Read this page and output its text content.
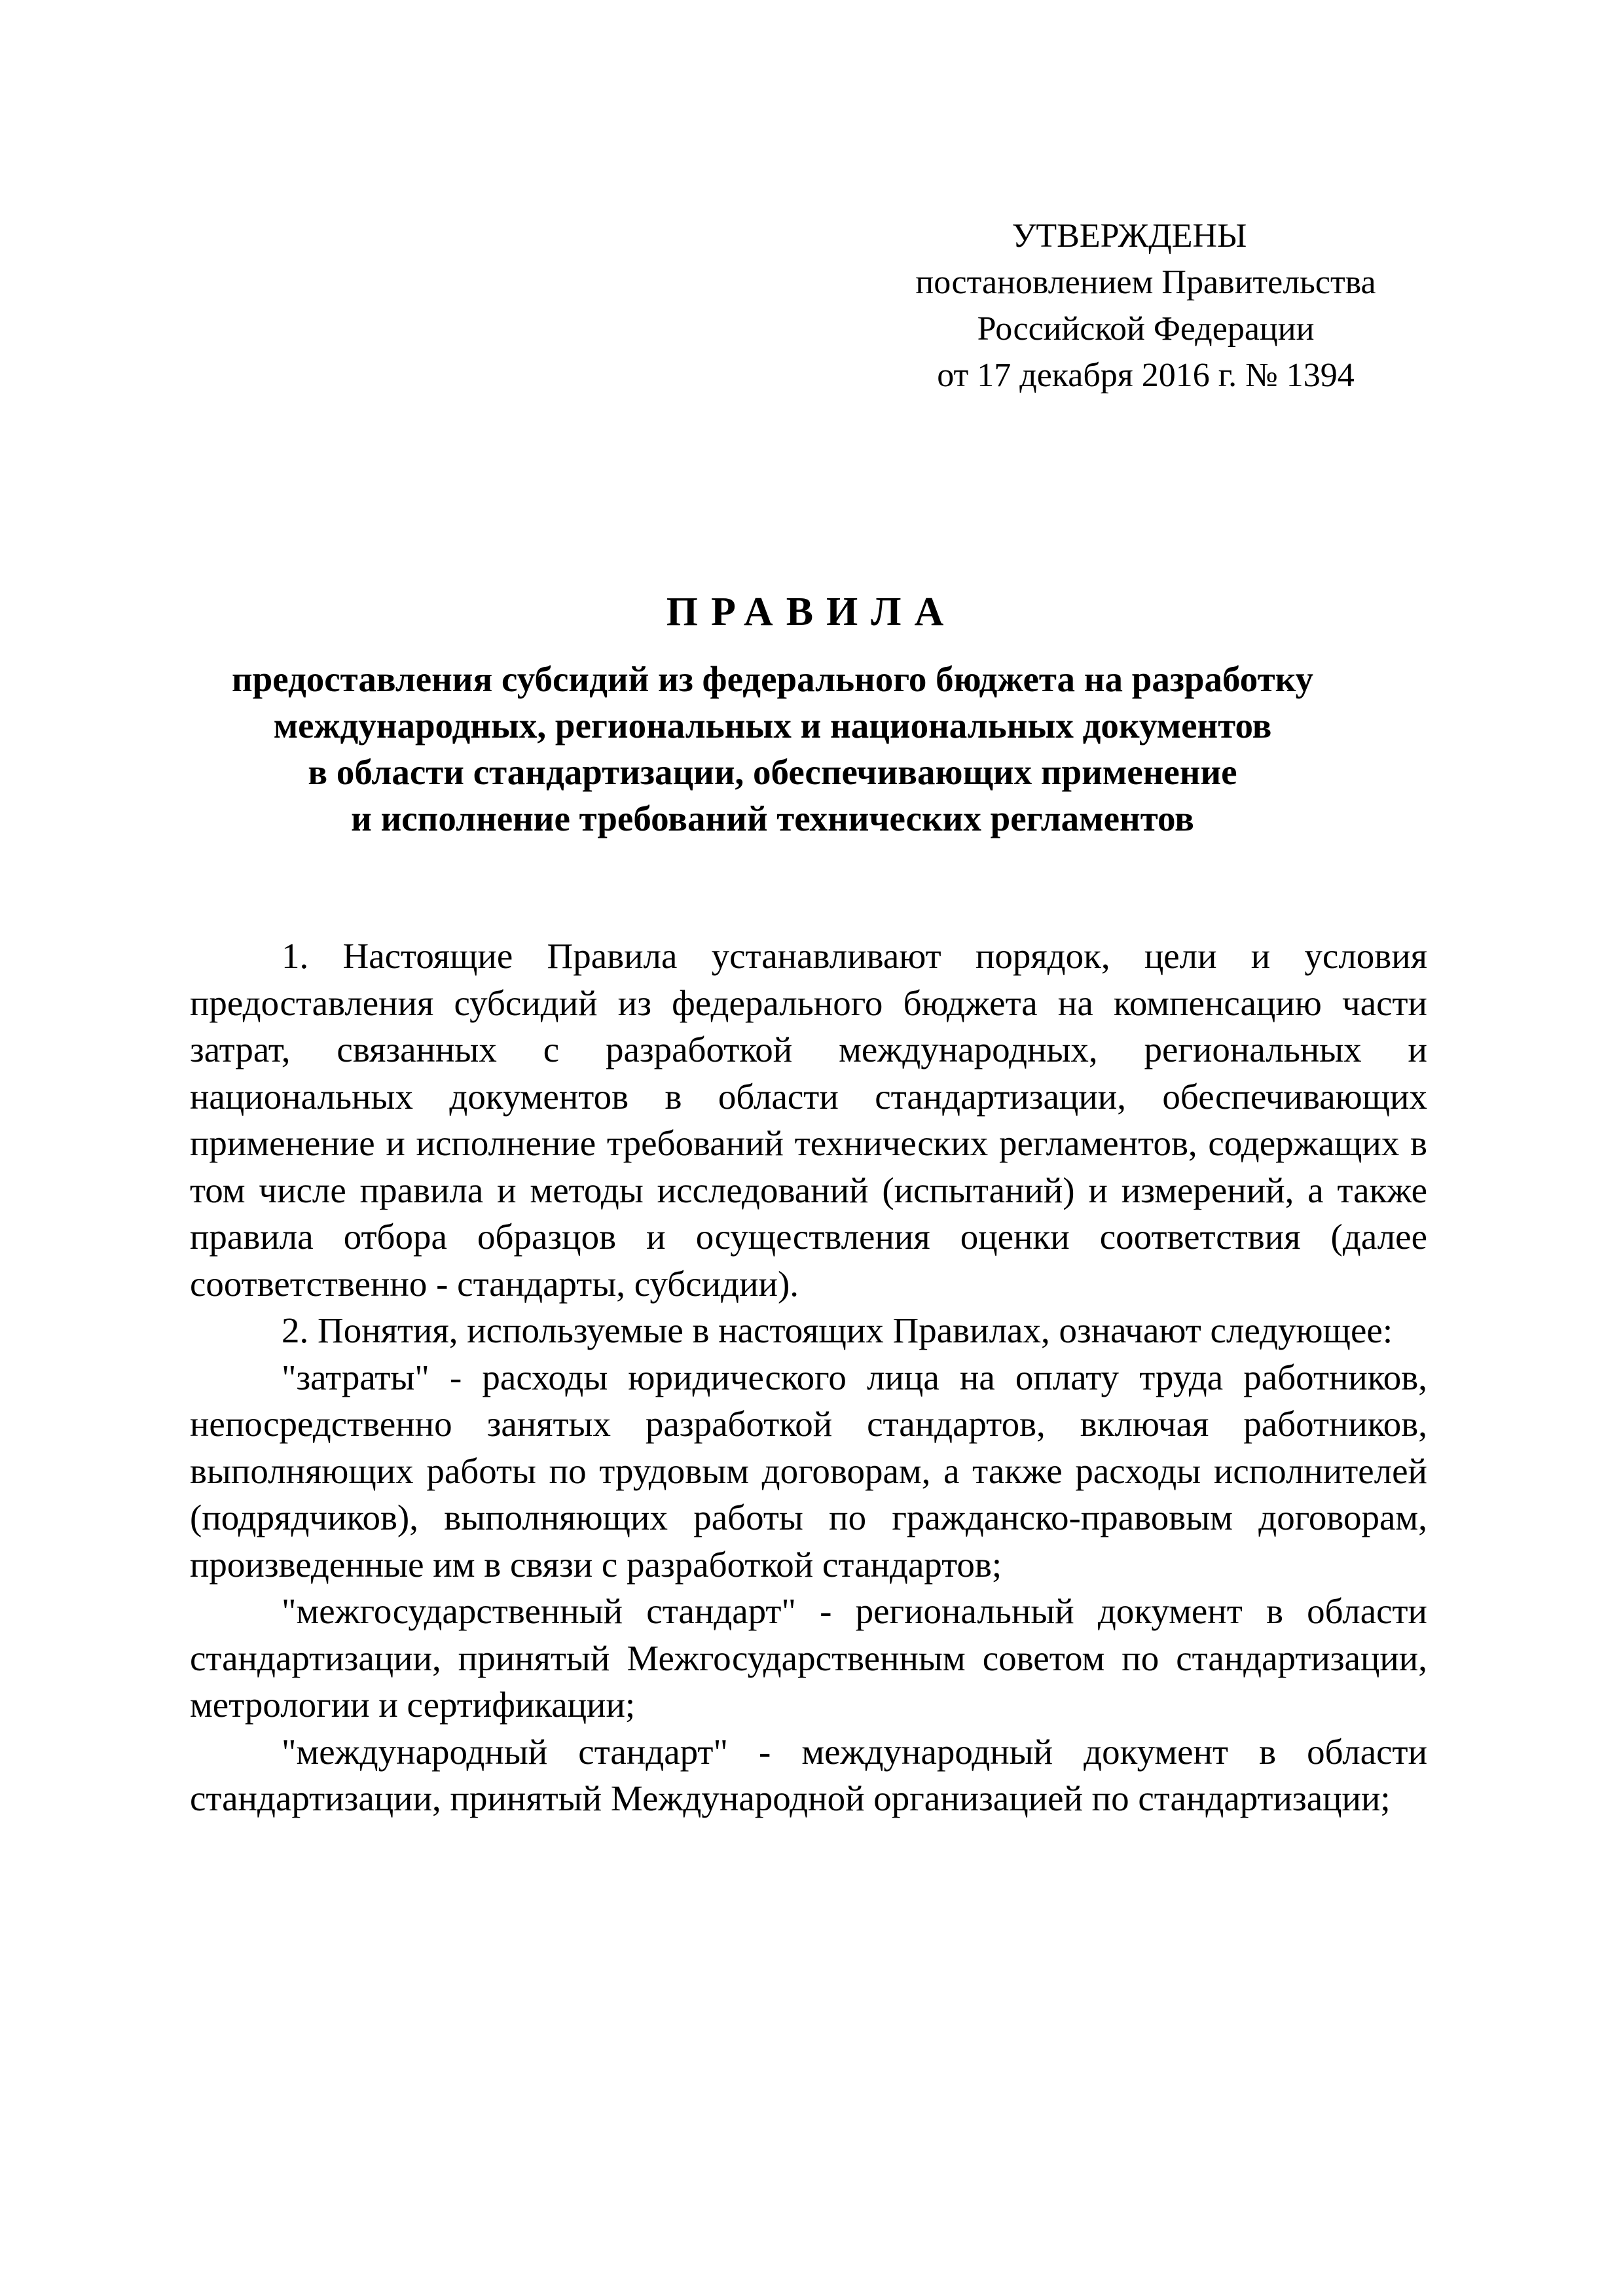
УТВЕРЖДЕНЫ
постановлением Правительства
Российской Федерации
от 17 декабря 2016 г. № 1394
ПРАВИЛА
предоставления субсидий из федерального бюджета на разработку
международных, региональных и национальных документов
в области стандартизации, обеспечивающих применение
и исполнение требований технических регламентов

1. Настоящие Правила устанавливают порядок, цели и условия предоставления субсидий из федерального бюджета на компенсацию части затрат, связанных с разработкой международных, региональных и национальных документов в области стандартизации, обеспечивающих применение и исполнение требований технических регламентов, содержащих в том числе правила и методы исследований (испытаний) и измерений, а также правила отбора образцов и осуществления оценки соответствия (далее соответственно - стандарты, субсидии).

2. Понятия, используемые в настоящих Правилах, означают следующее:

"затраты" - расходы юридического лица на оплату труда работников, непосредственно занятых разработкой стандартов, включая работников, выполняющих работы по трудовым договорам, а также расходы исполнителей (подрядчиков), выполняющих работы по гражданско-правовым договорам, произведенные им в связи с разработкой стандартов;

"межгосударственный стандарт" - региональный документ в области стандартизации, принятый Межгосударственным советом по стандартизации, метрологии и сертификации;

"международный стандарт" - международный документ в области стандартизации, принятый Международной организацией по стандартизации;
